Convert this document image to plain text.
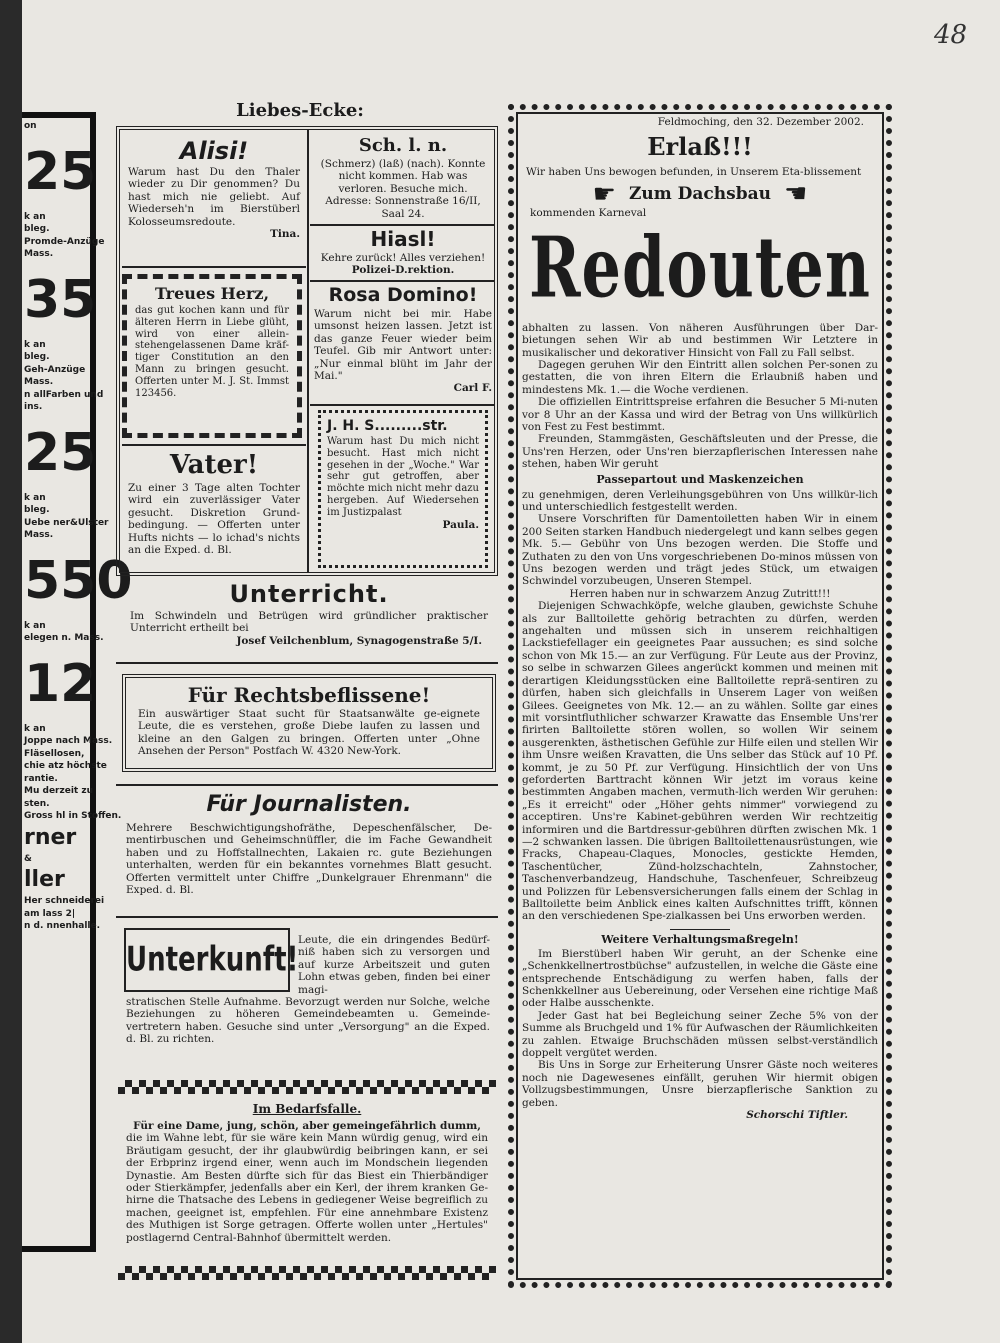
48
on
25
k an
bleg.
Promde-Anzüge
Mass.
35
k an
bleg.
Geh-Anzüge
Mass.
n allFarben und
ins.
25
k an
bleg.
Uebe ner&Ulster
Mass.
550
k an
elegen n. Mass.
12
k an
Joppe nach Mass.
Fläsellosen,
chie atz höchste
rantie.
Mu derzeit zu
sten.
Gross hl in Stoffen.
rner
&
ller
Her schneiderei
am lass 2|
n d. nnenhalle.
Liebes-Ecke:
Alisi!
Warum hast Du den Thaler wieder zu Dir genommen? Du hast mich nie geliebt. Auf Wiederseh'n im Bierstüberl Kolosseumsredoute.
Tina.
Treues Herz,
das gut kochen kann und für älteren Herrn in Liebe glüht, wird von einer allein-stehengelassenen Dame kräf-tiger Constitution an den Mann zu bringen gesucht. Offerten unter M. J. St. Immst 123456.
Vater!
Zu einer 3 Tage alten Tochter wird ein zuverlässiger Vater gesucht. Diskretion Grund-bedingung. — Offerten unter Hufts nichts — lo ichad's nichts an die Exped. d. Bl.
Sch. l. n.
(Schmerz) (laß) (nach). Konnte nicht kommen. Hab was verloren. Besuche mich. Adresse: Sonnenstraße 16/II, Saal 24.
Hiasl!
Kehre zurück! Alles verziehen!
Polizei-D.rektion.
Rosa Domino!
Warum nicht bei mir. Habe umsonst heizen lassen. Jetzt ist das ganze Feuer wieder beim Teufel. Gib mir Antwort unter: „Nur einmal blüht im Jahr der Mai."
Carl F.
J. H. S.........str.
Warum hast Du mich nicht besucht. Hast mich nicht gesehen in der „Woche." War sehr gut getroffen, aber möchte mich nicht mehr dazu hergeben. Auf Wiedersehen im Justizpalast
Paula.
Unterricht.
Im Schwindeln und Betrügen wird gründlicher praktischer Unterricht ertheilt bei
Josef Veilchenblum, Synagogenstraße 5/I.
Für Rechtsbeflissene!
Ein auswärtiger Staat sucht für Staatsanwälte ge-eignete Leute, die es verstehen, große Diebe laufen zu lassen und kleine an den Galgen zu bringen. Offerten unter „Ohne Ansehen der Person" Postfach W. 4320 New-York.
Für Journalisten.
Mehrere Beschwichtigungshofräthe, Depeschenfälscher, De-mentirbuschen und Geheimschnüffler, die im Fache Gewandheit haben und zu Hoffstallnechten, Lakaien rc. gute Beziehungen unterhalten, werden für ein bekanntes vornehmes Blatt gesucht. Offerten vermittelt unter Chiffre „Dunkelgrauer Ehrenmann" die Exped. d. Bl.
Unterkunft!
Leute, die ein dringendes Bedürf-niß haben sich zu versorgen und auf kurze Arbeitszeit und guten Lohn etwas geben, finden bei einer magi-
stratischen Stelle Aufnahme. Bevorzugt werden nur Solche, welche Beziehungen zu höheren Gemeindebeamten u. Gemeinde-vertretern haben. Gesuche sind unter „Versorgung" an die Exped. d. Bl. zu richten.
Im Bedarfsfalle.
Für eine Dame, jung, schön, aber gemeingefährlich dumm,
die im Wahne lebt, für sie wäre kein Mann würdig genug, wird ein Bräutigam gesucht, der ihr glaubwürdig beibringen kann, er sei der Erbprinz irgend einer, wenn auch im Mondschein liegenden Dynastie. Am Besten dürfte sich für das Biest ein Thierbändiger oder Stierkämpfer, jedenfalls aber ein Kerl, der ihrem kranken Ge-hirne die Thatsache des Lebens in gediegener Weise begreiflich zu machen, geeignet ist, empfehlen. Für eine annehmbare Existenz des Muthigen ist Sorge getragen. Offerte wollen unter „Hertules" postlagernd Central-Bahnhof übermittelt werden.
Feldmoching, den 32. Dezember 2002.
Erlaß!!!
Wir haben Uns bewogen befunden, in Unserem Eta-blissement
☛ Zum Dachsbau ☛
kommenden Karneval
Redouten
abhalten zu lassen. Von näheren Ausführungen über Dar-bietungen sehen Wir ab und bestimmen Wir Letztere in musikalischer und dekorativer Hinsicht von Fall zu Fall selbst.
Dagegen geruhen Wir den Eintritt allen solchen Per-sonen zu gestatten, die von ihren Eltern die Erlaubniß haben und mindestens Mk. 1.— die Woche verdienen.
Die offiziellen Eintrittspreise erfahren die Besucher 5 Mi-nuten vor 8 Uhr an der Kassa und wird der Betrag von Uns willkürlich von Fest zu Fest bestimmt.
Freunden, Stammgästen, Geschäftsleuten und der Presse, die Uns'ren Herzen, oder Uns'ren bierzapflerischen Interessen nahe stehen, haben Wir geruht
Passepartout und Maskenzeichen
zu genehmigen, deren Verleihungsgebühren von Uns willkür-lich und unterschiedlich festgestellt werden.
Unsere Vorschriften für Damentoiletten haben Wir in einem 200 Seiten starken Handbuch niedergelegt und kann selbes gegen Mk. 5.— Gebühr von Uns bezogen werden. Die Stoffe und Zuthaten zu den von Uns vorgeschriebenen Do-minos müssen von Uns bezogen werden und trägt jedes Stück, um etwaigen Schwindel vorzubeugen, Unseren Stempel.
Herren haben nur in schwarzem Anzug Zutritt!!!
Diejenigen Schwachköpfe, welche glauben, gewichste Schuhe als zur Balltoilette gehörig betrachten zu dürfen, werden angehalten und müssen sich in unserem reichhaltigen Lackstiefellager ein geeignetes Paar aussuchen; es sind solche schon von Mk 15.— an zur Verfügung. Für Leute aus der Provinz, so selbe in schwarzen Gilees angerückt kommen und meinen mit derartigen Kleidungsstücken eine Balltoilette reprä-sentiren zu dürfen, haben sich gleichfalls in Unserem Lager von weißen Gilees. Geeignetes von Mk. 12.— an zu wählen. Sollte gar eines mit vorsintfluthlicher schwarzer Krawatte das Ensemble Uns'rer firirten Balltoilette stören wollen, so wollen Wir seinem ausgerenkten, ästhetischen Gefühle zur Hilfe eilen und stellen Wir ihm Unsre weißen Kravatten, die Uns selber das Stück auf 10 Pf. kommt, je zu 50 Pf. zur Verfügung. Hinsichtlich der von Uns geforderten Barttracht können Wir jetzt im voraus keine bestimmten Angaben machen, vermuth-lich werden Wir geruhen: „Es it erreicht" oder „Höher gehts nimmer" vorwiegend zu acceptiren. Uns're Kabinet-gebühren werden Wir rechtzeitig informiren und die Bartdressur-gebühren dürften zwischen Mk. 1—2 schwanken lassen. Die übrigen Balltoilettenausrüstungen, wie Fracks, Chapeau-Claques, Monocles, gestickte Hemden, Taschentücher, Zünd-holzschachteln, Zahnstocher, Taschenverbandzeug, Handschuhe, Taschenfeuer, Schreibzeug und Polizzen für Lebensversicherungen falls einem der Schlag in Balltoilette beim Anblick eines kalten Aufschnittes trifft, können an den verschiedenen Spe-zialkassen bei Uns erworben werden.
Weitere Verhaltungsmaßregeln!
Im Bierstüberl haben Wir geruht, an der Schenke eine „Schenkkellnertrostbüchse" aufzustellen, in welche die Gäste eine entsprechende Entschädigung zu werfen haben, falls der Schenkkellner aus Uebereinung, oder Versehen eine richtige Maß oder Halbe ausschenkte.
Jeder Gast hat bei Begleichung seiner Zeche 5% von der Summe als Bruchgeld und 1% für Aufwaschen der Räumlichkeiten zu zahlen. Etwaige Bruchschäden müssen selbst-verständlich doppelt vergütet werden.
Bis Uns in Sorge zur Erheiterung Unsrer Gäste noch weiteres noch nie Dagewesenes einfällt, geruhen Wir hiermit obigen Vollzugsbestimmungen, Unsre bierzapflerische Sanktion zu geben.
Schorschi Tiftler.
